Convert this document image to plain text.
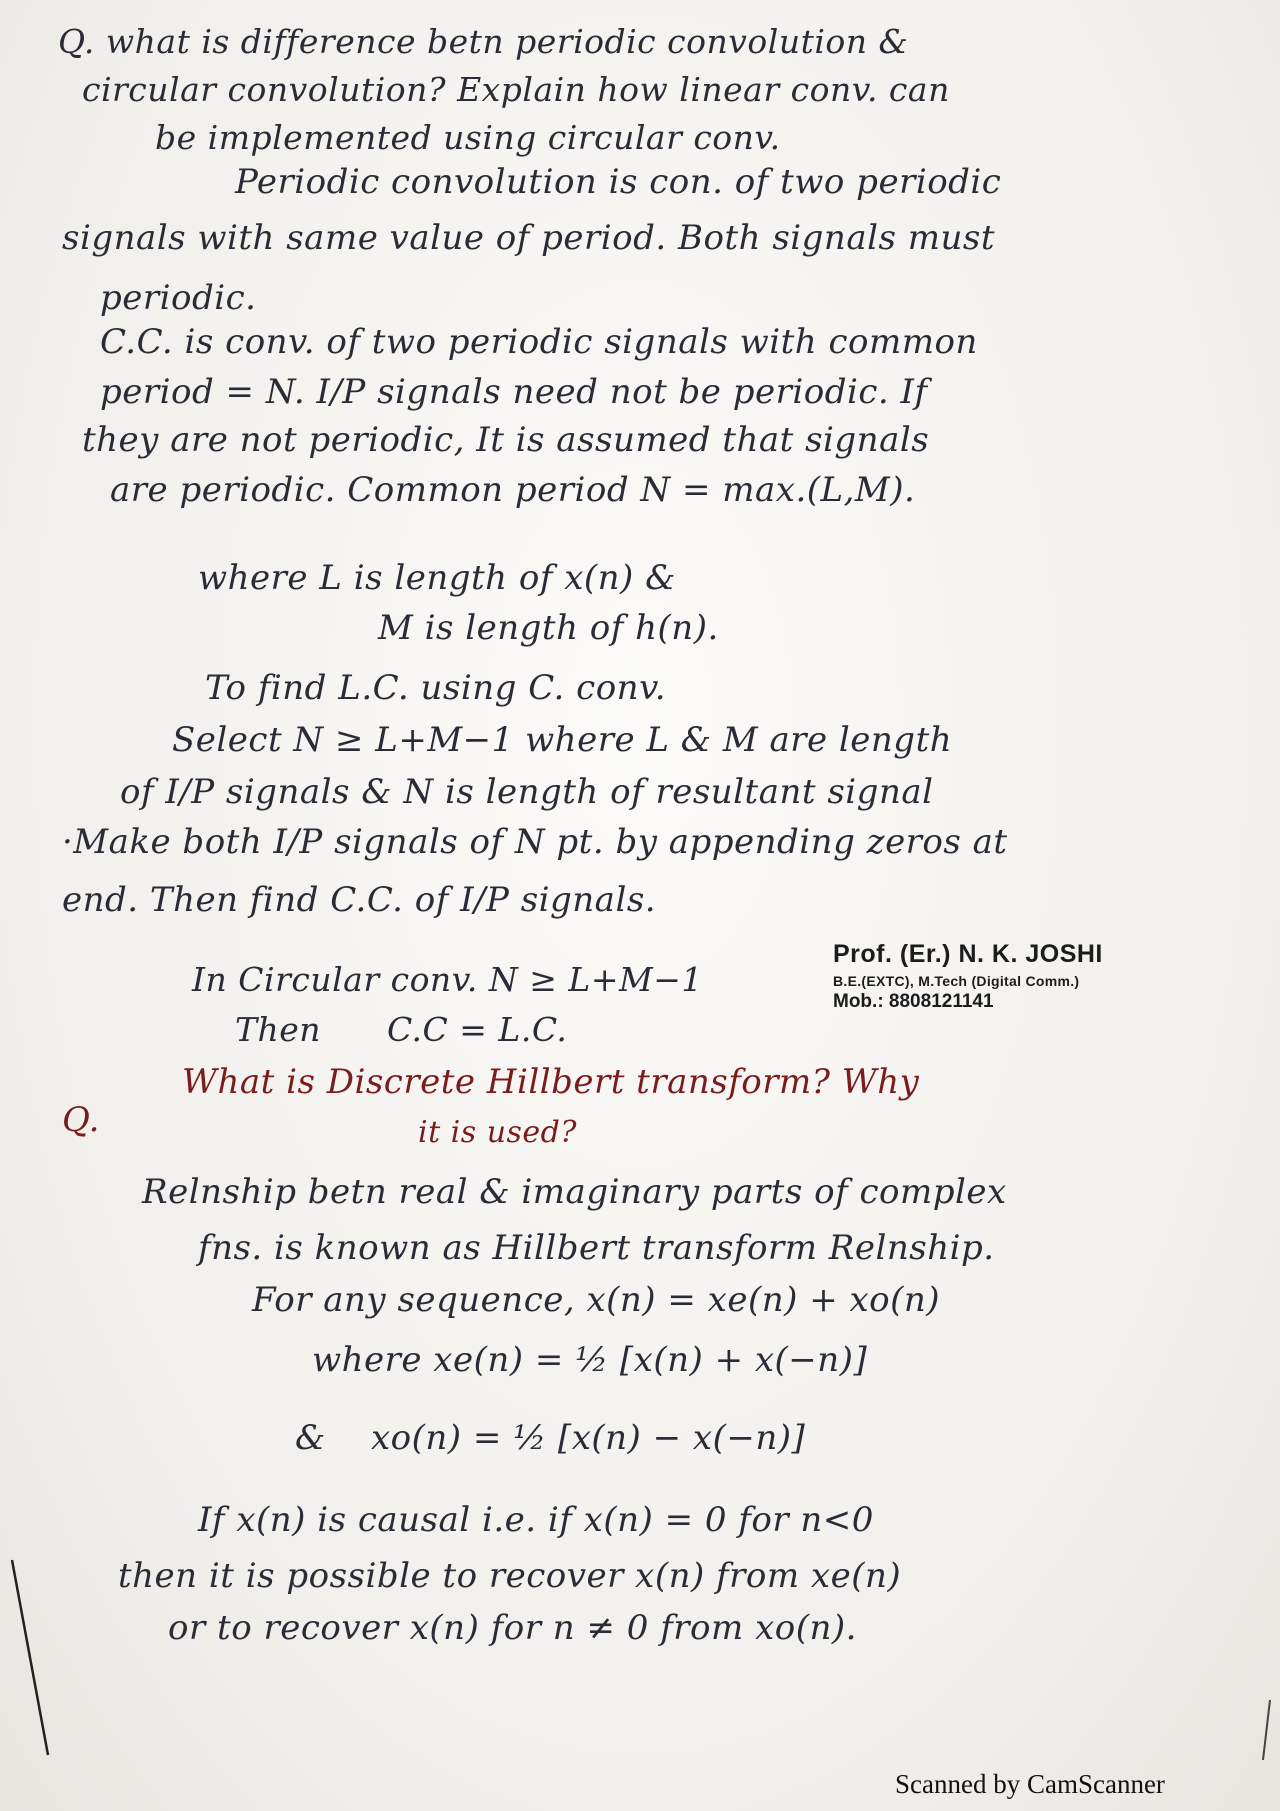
Q. what is difference betn periodic convolution &
be implemented using circular conv.
Periodic convolution is con. of two periodic
signals with same value of period. Both signals must
periodic.
C.C. is conv. of two periodic signals with common
period = N. I/P signals need not be periodic. If
they are not periodic, It is assumed that signals
are periodic. Common period N = max.(L,M).
where L is length of x(n) &
M is length of h(n).
To find L.C. using C. conv.
Select N ≥ L+M−1 where L & M are length
of I/P signals & N is length of resultant signal
·Make both I/P signals of N pt. by appending zeros at
end. Then find C.C. of I/P signals.
In Circular conv. N ≥ L+M−1
Then      C.C = L.C.
Prof. (Er.) N. K. JOSHI
B.E.(EXTC), M.Tech (Digital Comm.)
Mob.: 8808121141
Q.
What is Discrete Hillbert transform? Why
it is used?
Relnship betn real & imaginary parts of complex
fns. is known as Hillbert transform Relnship.
For any sequence, x(n) = xe(n) + xo(n)
where xe(n) = ½ [x(n) + x(−n)]
&    xo(n) = ½ [x(n) − x(−n)]
If x(n) is causal i.e. if x(n) = 0 for n<0
then it is possible to recover x(n) from xe(n)
or to recover x(n) for n ≠ 0 from xo(n).
Scanned by CamScanner
circular convolution? Explain how linear conv. can
